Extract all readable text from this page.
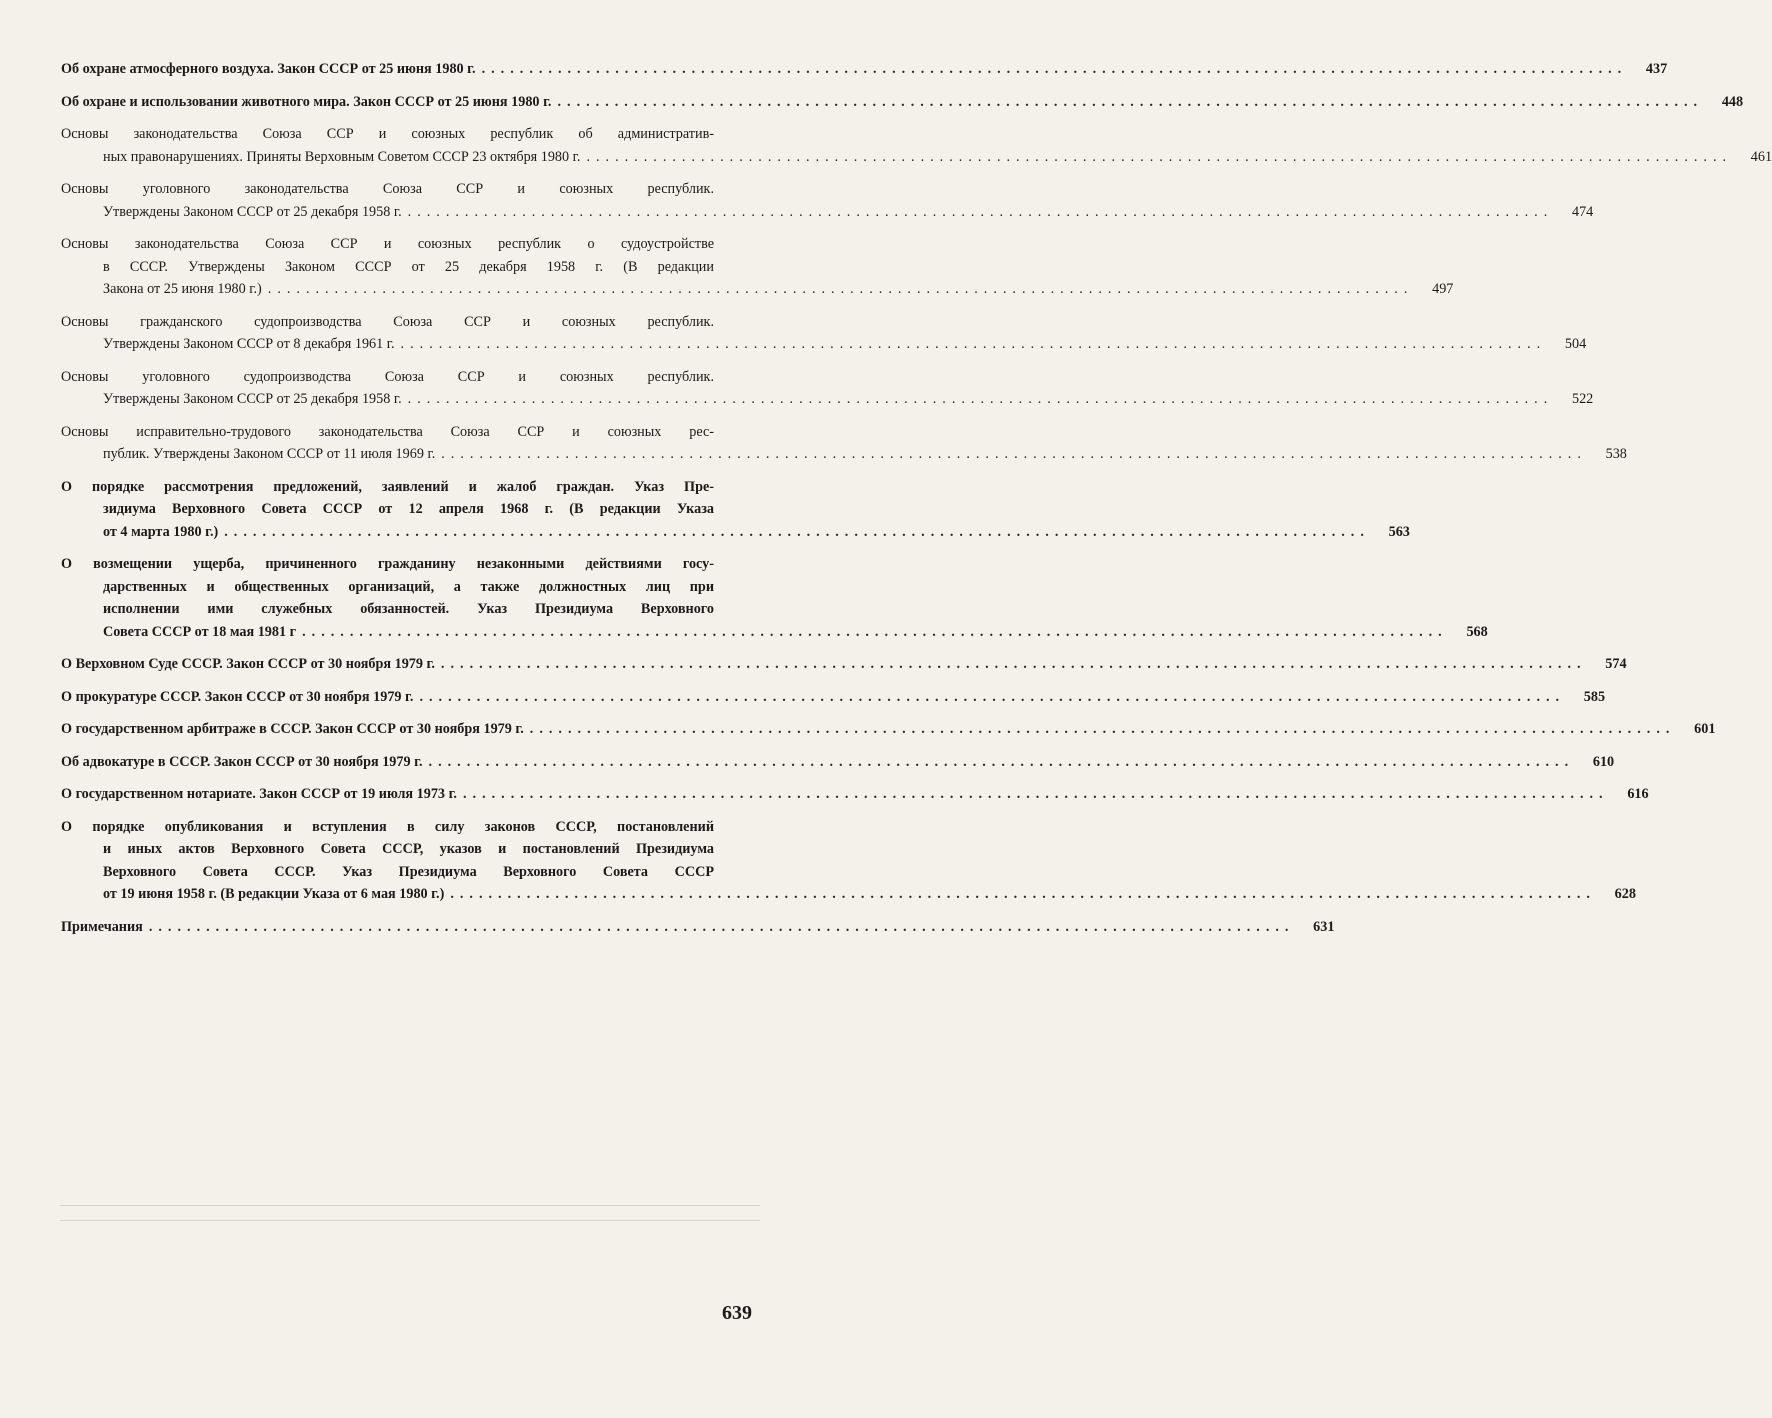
Об охране атмосферного воздуха. Закон СССР от 25 июня 1980 г. ........................................................................................................................	437
Об охране и использовании животного мира. Закон СССР от 25 июня 1980 г. ........................................................................................................................	448
Основы законодательства Союза ССР и союзных республик об административ-
ных правонарушениях. Приняты Верховным Советом СССР 23 октября 1980 г. ........................................................................................................................	461
Основы уголовного законодательства Союза ССР и союзных республик.
Утверждены Законом СССР от 25 декабря 1958 г. ........................................................................................................................	474
Основы законодательства Союза ССР и союзных республик о судоустройстве
в СССР. Утверждены Законом СССР от 25 декабря 1958 г. (В редакции
Закона от 25 июня 1980 г.) ........................................................................................................................	497
Основы гражданского судопроизводства Союза ССР и союзных республик.
Утверждены Законом СССР от 8 декабря 1961 г. ........................................................................................................................	504
Основы уголовного судопроизводства Союза ССР и союзных республик.
Утверждены Законом СССР от 25 декабря 1958 г. ........................................................................................................................	522
Основы исправительно-трудового законодательства Союза ССР и союзных рес-
публик. Утверждены Законом СССР от 11 июля 1969 г. ........................................................................................................................	538
О порядке рассмотрения предложений, заявлений и жалоб граждан. Указ Пре-
зидиума Верховного Совета СССР от 12 апреля 1968 г. (В редакции Указа
от 4 марта 1980 г.) ........................................................................................................................	563
О возмещении ущерба, причиненного гражданину незаконными действиями госу-
дарственных и общественных организаций, а также должностных лиц при
исполнении ими служебных обязанностей. Указ Президиума Верховного
Совета СССР от 18 мая 1981 г ........................................................................................................................	568
О Верховном Суде СССР. Закон СССР от 30 ноября 1979 г. ........................................................................................................................	574
О прокуратуре СССР. Закон СССР от 30 ноября 1979 г. ........................................................................................................................	585
О государственном арбитраже в СССР. Закон СССР от 30 ноября 1979 г. ........................................................................................................................	601
Об адвокатуре в СССР. Закон СССР от 30 ноября 1979 г. ........................................................................................................................	610
О государственном нотариате. Закон СССР от 19 июля 1973 г. ........................................................................................................................	616
О порядке опубликования и вступления в силу законов СССР, постановлений
и иных актов Верховного Совета СССР, указов и постановлений Президиума
Верховного Совета СССР. Указ Президиума Верховного Совета СССР
от 19 июня 1958 г. (В редакции Указа от 6 мая 1980 г.) ........................................................................................................................	628
Примечания ........................................................................................................................	631
639
